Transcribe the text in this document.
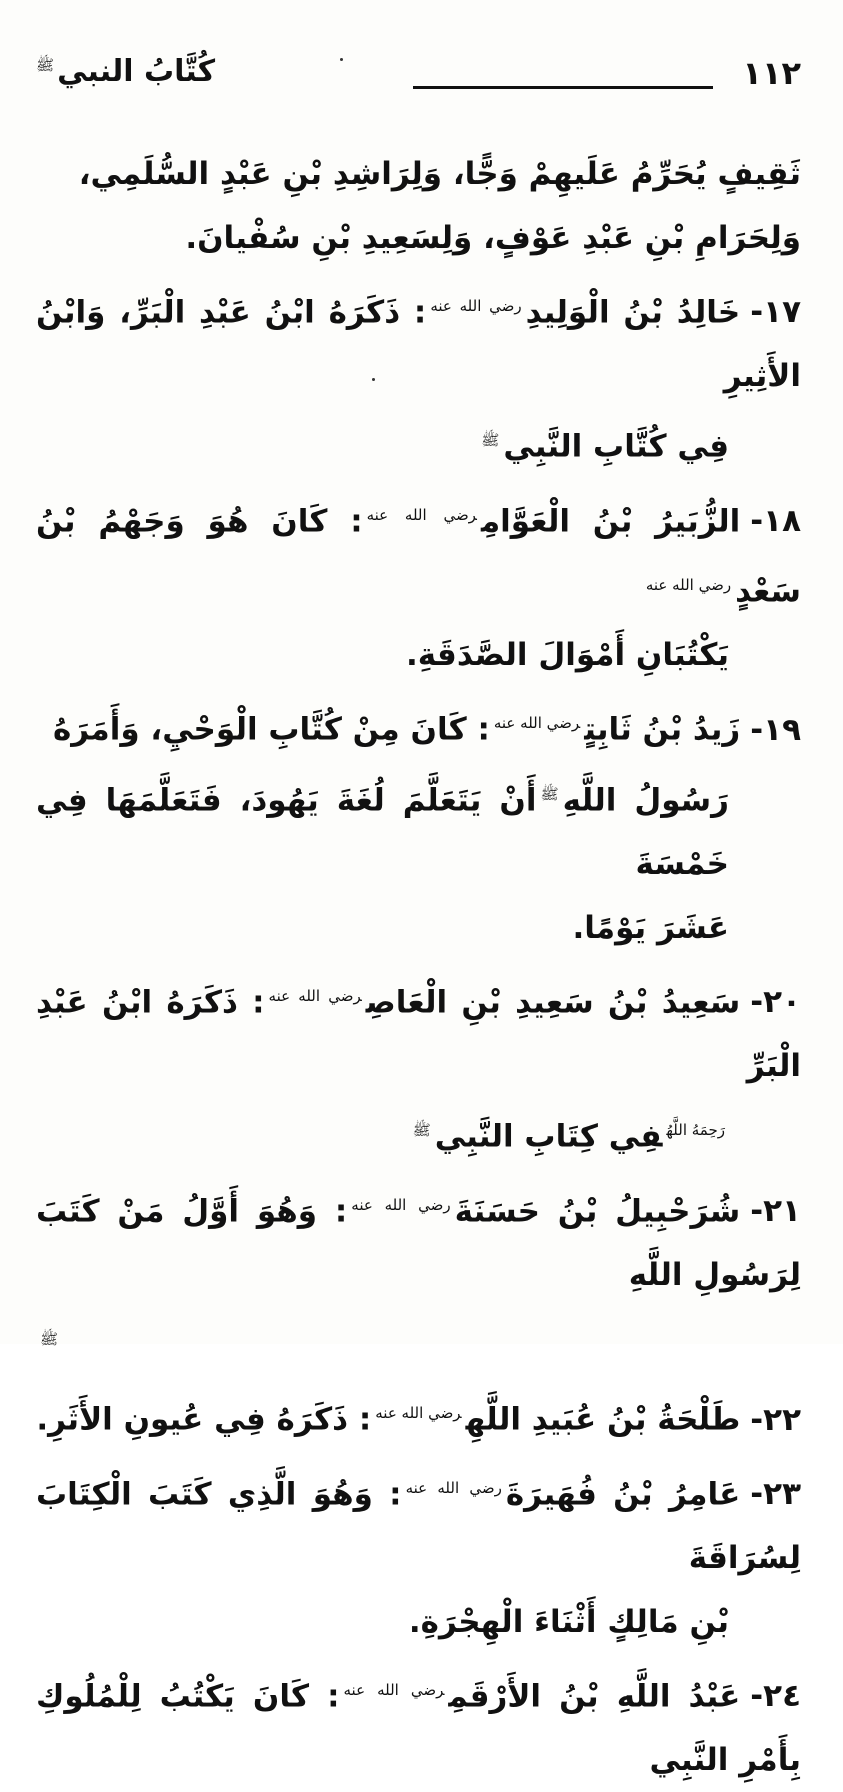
١١٢
كُتَّابُ النبي$^ﷺ$
ثَقِيفٍ يُحَرِّمُ عَلَيهِمْ وَجًّا، وَلِرَاشِدِ بْنِ عَبْدٍ السُّلَمِي،
وَلِحَرَامِ بْنِ عَبْدِ عَوْفٍ، وَلِسَعِيدِ بْنِ سُفْيانَ.
١٧-خَالِدُ بْنُ الْوَلِيدِ$^{رضي الله عنه}$: ذَكَرَهُ ابْنُ عَبْدِ الْبَرِّ، وَابْنُ الأَثِيرِ
فِي كُتَّابِ النَّبِي$^ﷺ$
١٨-الزُّبَيرُ بْنُ الْعَوَّامِ$^{رضي الله عنه}$: كَانَ هُوَ وَجَهْمُ بْنُ سَعْدٍ$^{رضي الله عنه}$
يَكْتُبَانِ أَمْوَالَ الصَّدَقَةِ.
١٩-زَيدُ بْنُ ثَابِتٍ$^{رضي الله عنه}$: كَانَ مِنْ كُتَّابِ الْوَحْيِ، وَأَمَرَهُ
رَسُولُ اللَّهِ$^ﷺ$أَنْ يَتَعَلَّمَ لُغَةَ يَهُودَ، فَتَعَلَّمَهَا فِي خَمْسَةَ
عَشَرَ يَوْمًا.
٢٠-سَعِيدُ بْنُ سَعِيدِ بْنِ الْعَاصِ$^{رضي الله عنه}$: ذَكَرَهُ ابْنُ عَبْدِ الْبَرِّ
$^{رَحِمَهُ اللَّهُ}$فِي كِتَابِ النَّبِي$^ﷺ$
٢١-شُرَحْبِيلُ بْنُ حَسَنَةَ$^{رضي الله عنه}$: وَهُوَ أَوَّلُ مَنْ كَتَبَ لِرَسُولِ اللَّهِ
$^ﷺ$
٢٢-طَلْحَةُ بْنُ عُبَيدِ اللَّهِ$^{رضي الله عنه}$: ذَكَرَهُ فِي عُيونِ الأَثَرِ.
٢٣-عَامِرُ بْنُ فُهَيرَةَ$^{رضي الله عنه}$: وَهُوَ الَّذِي كَتَبَ الْكِتَابَ لِسُرَاقَةَ
بْنِ مَالِكٍ أَثْنَاءَ الْهِجْرَةِ.
٢٤-عَبْدُ اللَّهِ بْنُ الأَرْقَمِ$^{رضي الله عنه}$: كَانَ يَكْتُبُ لِلْمُلُوكِ بِأَمْرِ النَّبِي
